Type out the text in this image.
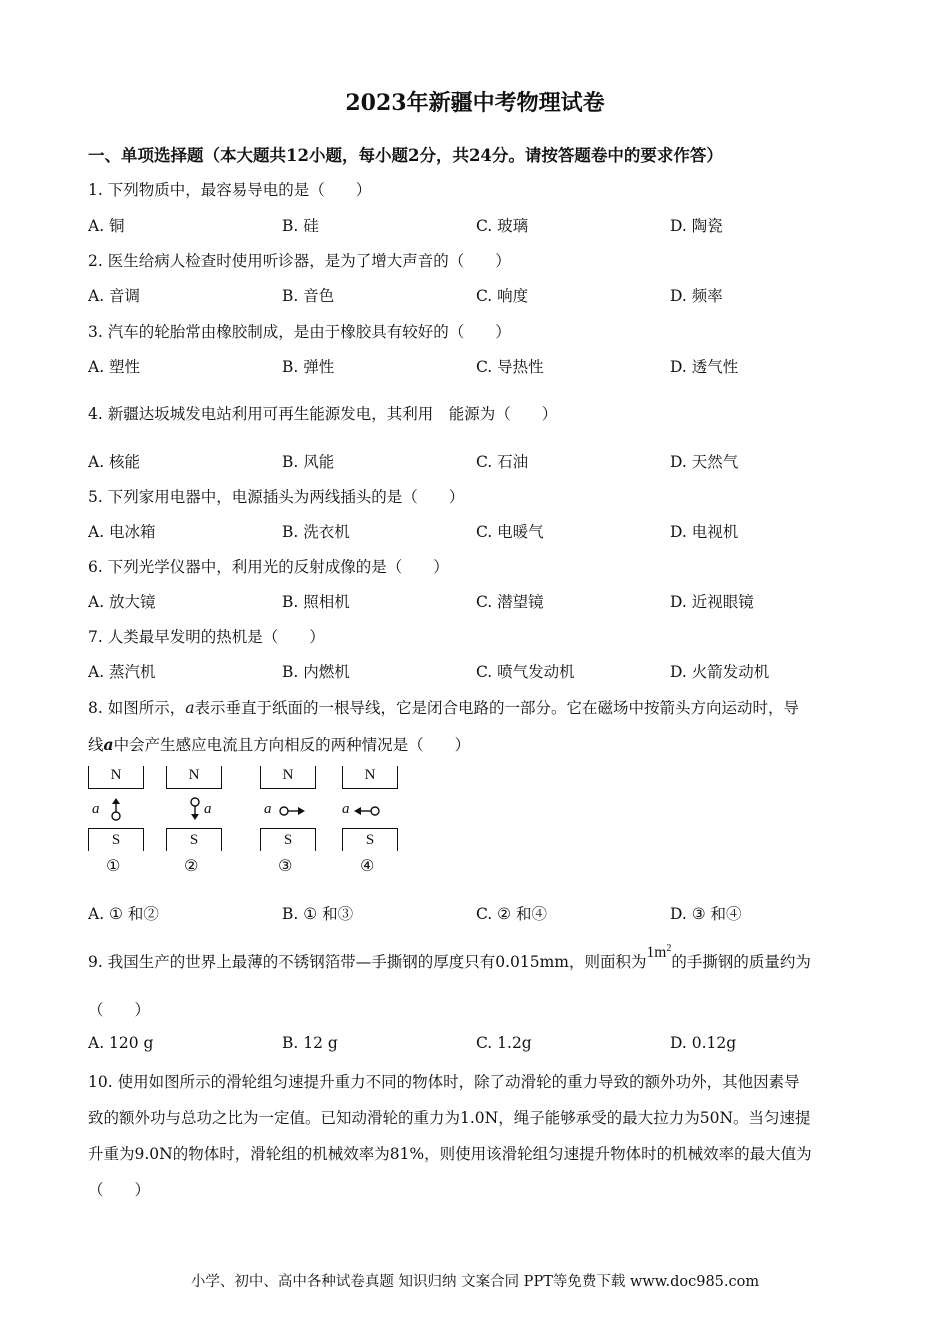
2023年新疆中考物理试卷
一、单项选择题（本大题共12小题，每小题2分，共24分。请按答题卷中的要求作答）
1. 下列物质中，最容易导电的是（　　）
A. 铜	B. 硅	C. 玻璃	D. 陶瓷
2. 医生给病人检查时使用听诊器，是为了增大声音的（　　）
A. 音调	B. 音色	C. 响度	D. 频率
3. 汽车的轮胎常由橡胶制成，是由于橡胶具有较好的（　　）
A. 塑性	B. 弹性	C. 导热性	D. 透气性
4. 新疆达坂城发电站利用可再生能源发电，其利用　能源为（　　）
A. 核能	B. 风能	C. 石油	D. 天然气
5. 下列家用电器中，电源插头为两线插头的是（　　）
A. 电冰箱	B. 洗衣机	C. 电暖气	D. 电视机
6. 下列光学仪器中，利用光的反射成像的是（　　）
A. 放大镜	B. 照相机	C. 潜望镜	D. 近视眼镜
7. 人类最早发明的热机是（　　）
A. 蒸汽机	B. 内燃机	C. 喷气发动机	D. 火箭发动机
8. 如图所示，a表示垂直于纸面的一根导线，它是闭合电路的一部分。它在磁场中按箭头方向运动时，导
线a中会产生感应电流且方向相反的两种情况是（　　）
N
a
S
①
N
a
S
②
N
a
S
③
N
a
S
④
A. ① 和②	B. ① 和③	C. ② 和④	D. ③ 和④
9. 我国生产的世界上最薄的不锈钢箔带—手撕钢的厚度只有0.015mm，则面积为$1m^2$的手撕钢的质量约为
（　　）
A. 120 g	B. 12 g	C. 1.2g	D. 0.12g
10. 使用如图所示的滑轮组匀速提升重力不同的物体时，除了动滑轮的重力导致的额外功外，其他因素导
致的额外功与总功之比为一定值。已知动滑轮的重力为1.0N，绳子能够承受的最大拉力为50N。当匀速提
升重为9.0N的物体时，滑轮组的机械效率为81%，则使用该滑轮组匀速提升物体时的机械效率的最大值为
（　　）
小学、初中、高中各种试卷真题 知识归纳 文案合同 PPT等免费下载 www.doc985.com
